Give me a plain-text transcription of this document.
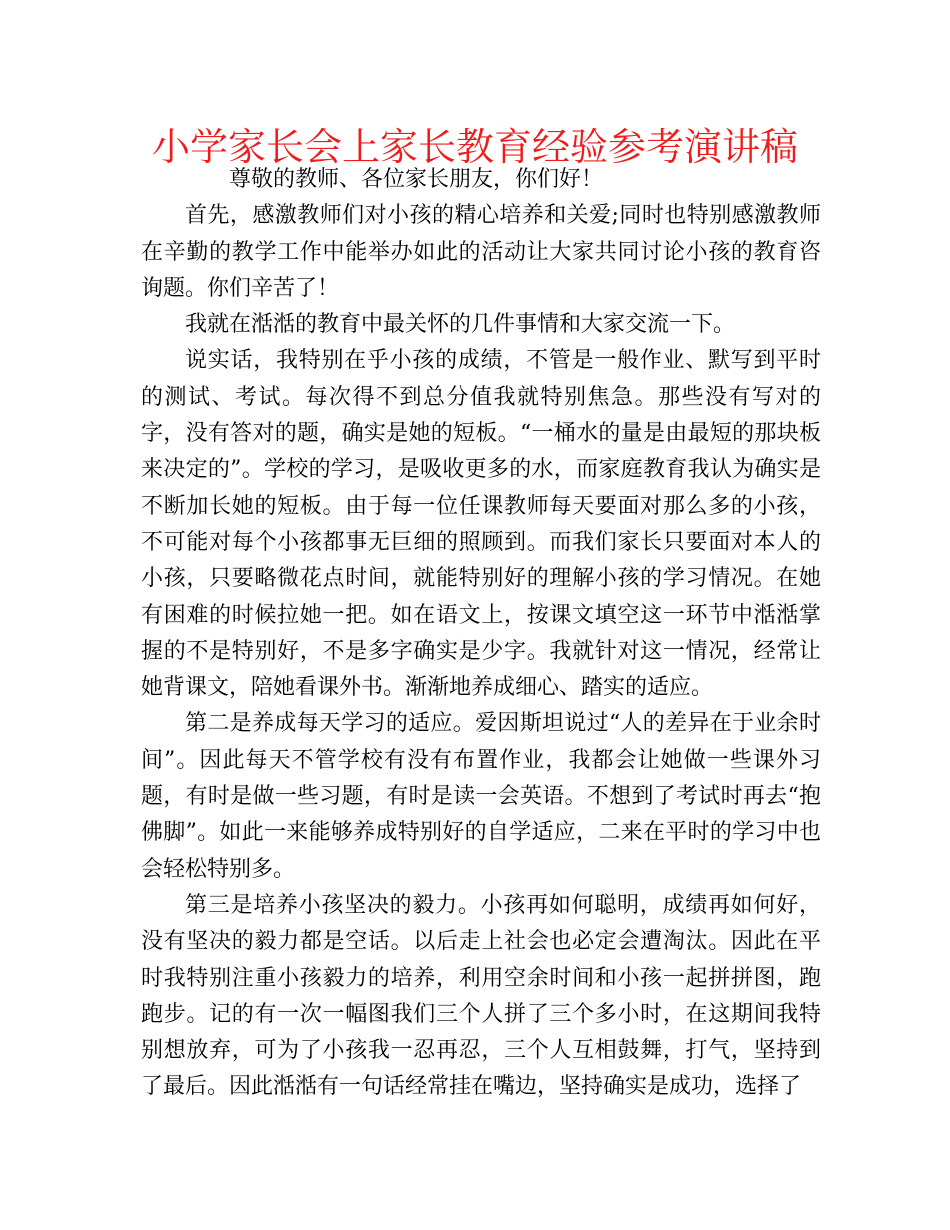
小学家长会上家长教育经验参考演讲稿

尊敬的教师、各位家长朋友，你们好！

首先，感激教师们对小孩的精心培养和关爱;同时也特别感激教师在辛勤的教学工作中能举办如此的活动让大家共同讨论小孩的教育咨询题。你们辛苦了！

我就在湉湉的教育中最关怀的几件事情和大家交流一下。

说实话，我特别在乎小孩的成绩，不管是一般作业、默写到平时的测试、考试。每次得不到总分值我就特别焦急。那些没有写对的字，没有答对的题，确实是她的短板。“一桶水的量是由最短的那块板来决定的”。学校的学习，是吸收更多的水，而家庭教育我认为确实是不断加长她的短板。由于每一位任课教师每天要面对那么多的小孩，不可能对每个小孩都事无巨细的照顾到。而我们家长只要面对本人的小孩，只要略微花点时间，就能特别好的理解小孩的学习情况。在她有困难的时候拉她一把。如在语文上，按课文填空这一环节中湉湉掌握的不是特别好，不是多字确实是少字。我就针对这一情况，经常让她背课文，陪她看课外书。渐渐地养成细心、踏实的适应。

第二是养成每天学习的适应。爱因斯坦说过“人的差异在于业余时间”。因此每天不管学校有没有布置作业，我都会让她做一些课外习题，有时是做一些习题，有时是读一会英语。不想到了考试时再去“抱佛脚”。如此一来能够养成特别好的自学适应，二来在平时的学习中也会轻松特别多。

第三是培养小孩坚决的毅力。小孩再如何聪明，成绩再如何好，没有坚决的毅力都是空话。以后走上社会也必定会遭淘汰。因此在平时我特别注重小孩毅力的培养，利用空余时间和小孩一起拼拼图，跑跑步。记的有一次一幅图我们三个人拼了三个多小时，在这期间我特别想放弃，可为了小孩我一忍再忍，三个人互相鼓舞，打气，坚持到了最后。因此湉湉有一句话经常挂在嘴边，坚持确实是成功，选择了
